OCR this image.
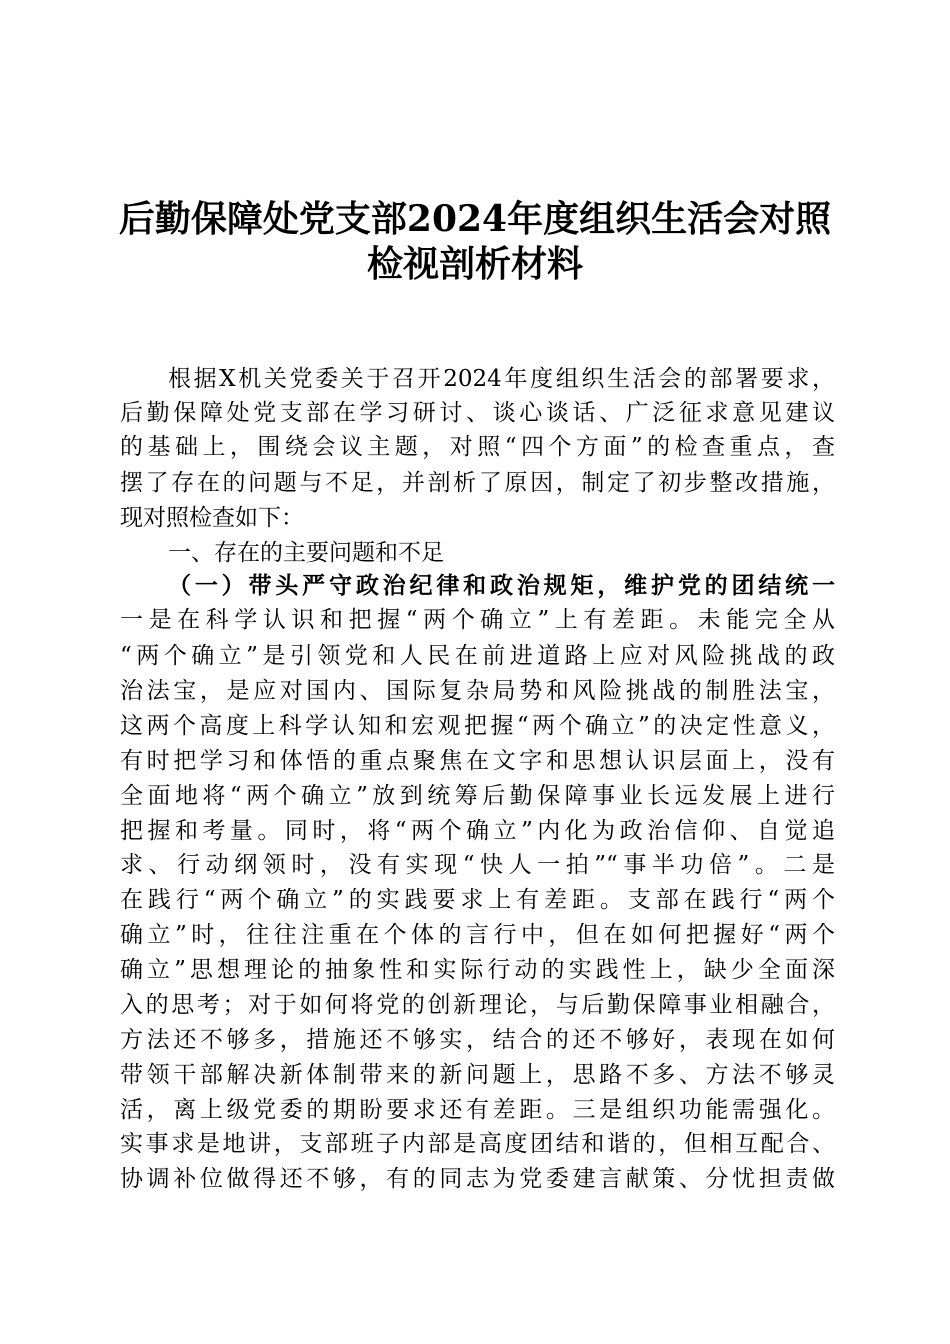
后勤保障处党支部2024年度组织生活会对照
检视剖析材料
根据X机关党委关于召开2024年度组织生活会的部署要求，
后勤保障处党支部在学习研讨、谈心谈话、广泛征求意见建议
的基础上，围绕会议主题，对照“四个方面”的检查重点，查
摆了存在的问题与不足，并剖析了原因，制定了初步整改措施，
现对照检查如下：
一、存在的主要问题和不足
（一）带头严守政治纪律和政治规矩，维护党的团结统一
一是在科学认识和把握“两个确立”上有差距。未能完全从
“两个确立”是引领党和人民在前进道路上应对风险挑战的政
治法宝，是应对国内、国际复杂局势和风险挑战的制胜法宝，
这两个高度上科学认知和宏观把握“两个确立”的决定性意义，
有时把学习和体悟的重点聚焦在文字和思想认识层面上，没有
全面地将“两个确立”放到统筹后勤保障事业长远发展上进行
把握和考量。同时，将“两个确立”内化为政治信仰、自觉追
求、行动纲领时，没有实现“快人一拍”“事半功倍”。二是
在践行“两个确立”的实践要求上有差距。支部在践行“两个
确立”时，往往注重在个体的言行中，但在如何把握好“两个
确立”思想理论的抽象性和实际行动的实践性上，缺少全面深
入的思考；对于如何将党的创新理论，与后勤保障事业相融合，
方法还不够多，措施还不够实，结合的还不够好，表现在如何
带领干部解决新体制带来的新问题上，思路不多、方法不够灵
活，离上级党委的期盼要求还有差距。三是组织功能需强化。
实事求是地讲，支部班子内部是高度团结和谐的，但相互配合、
协调补位做得还不够，有的同志为党委建言献策、分忧担责做
